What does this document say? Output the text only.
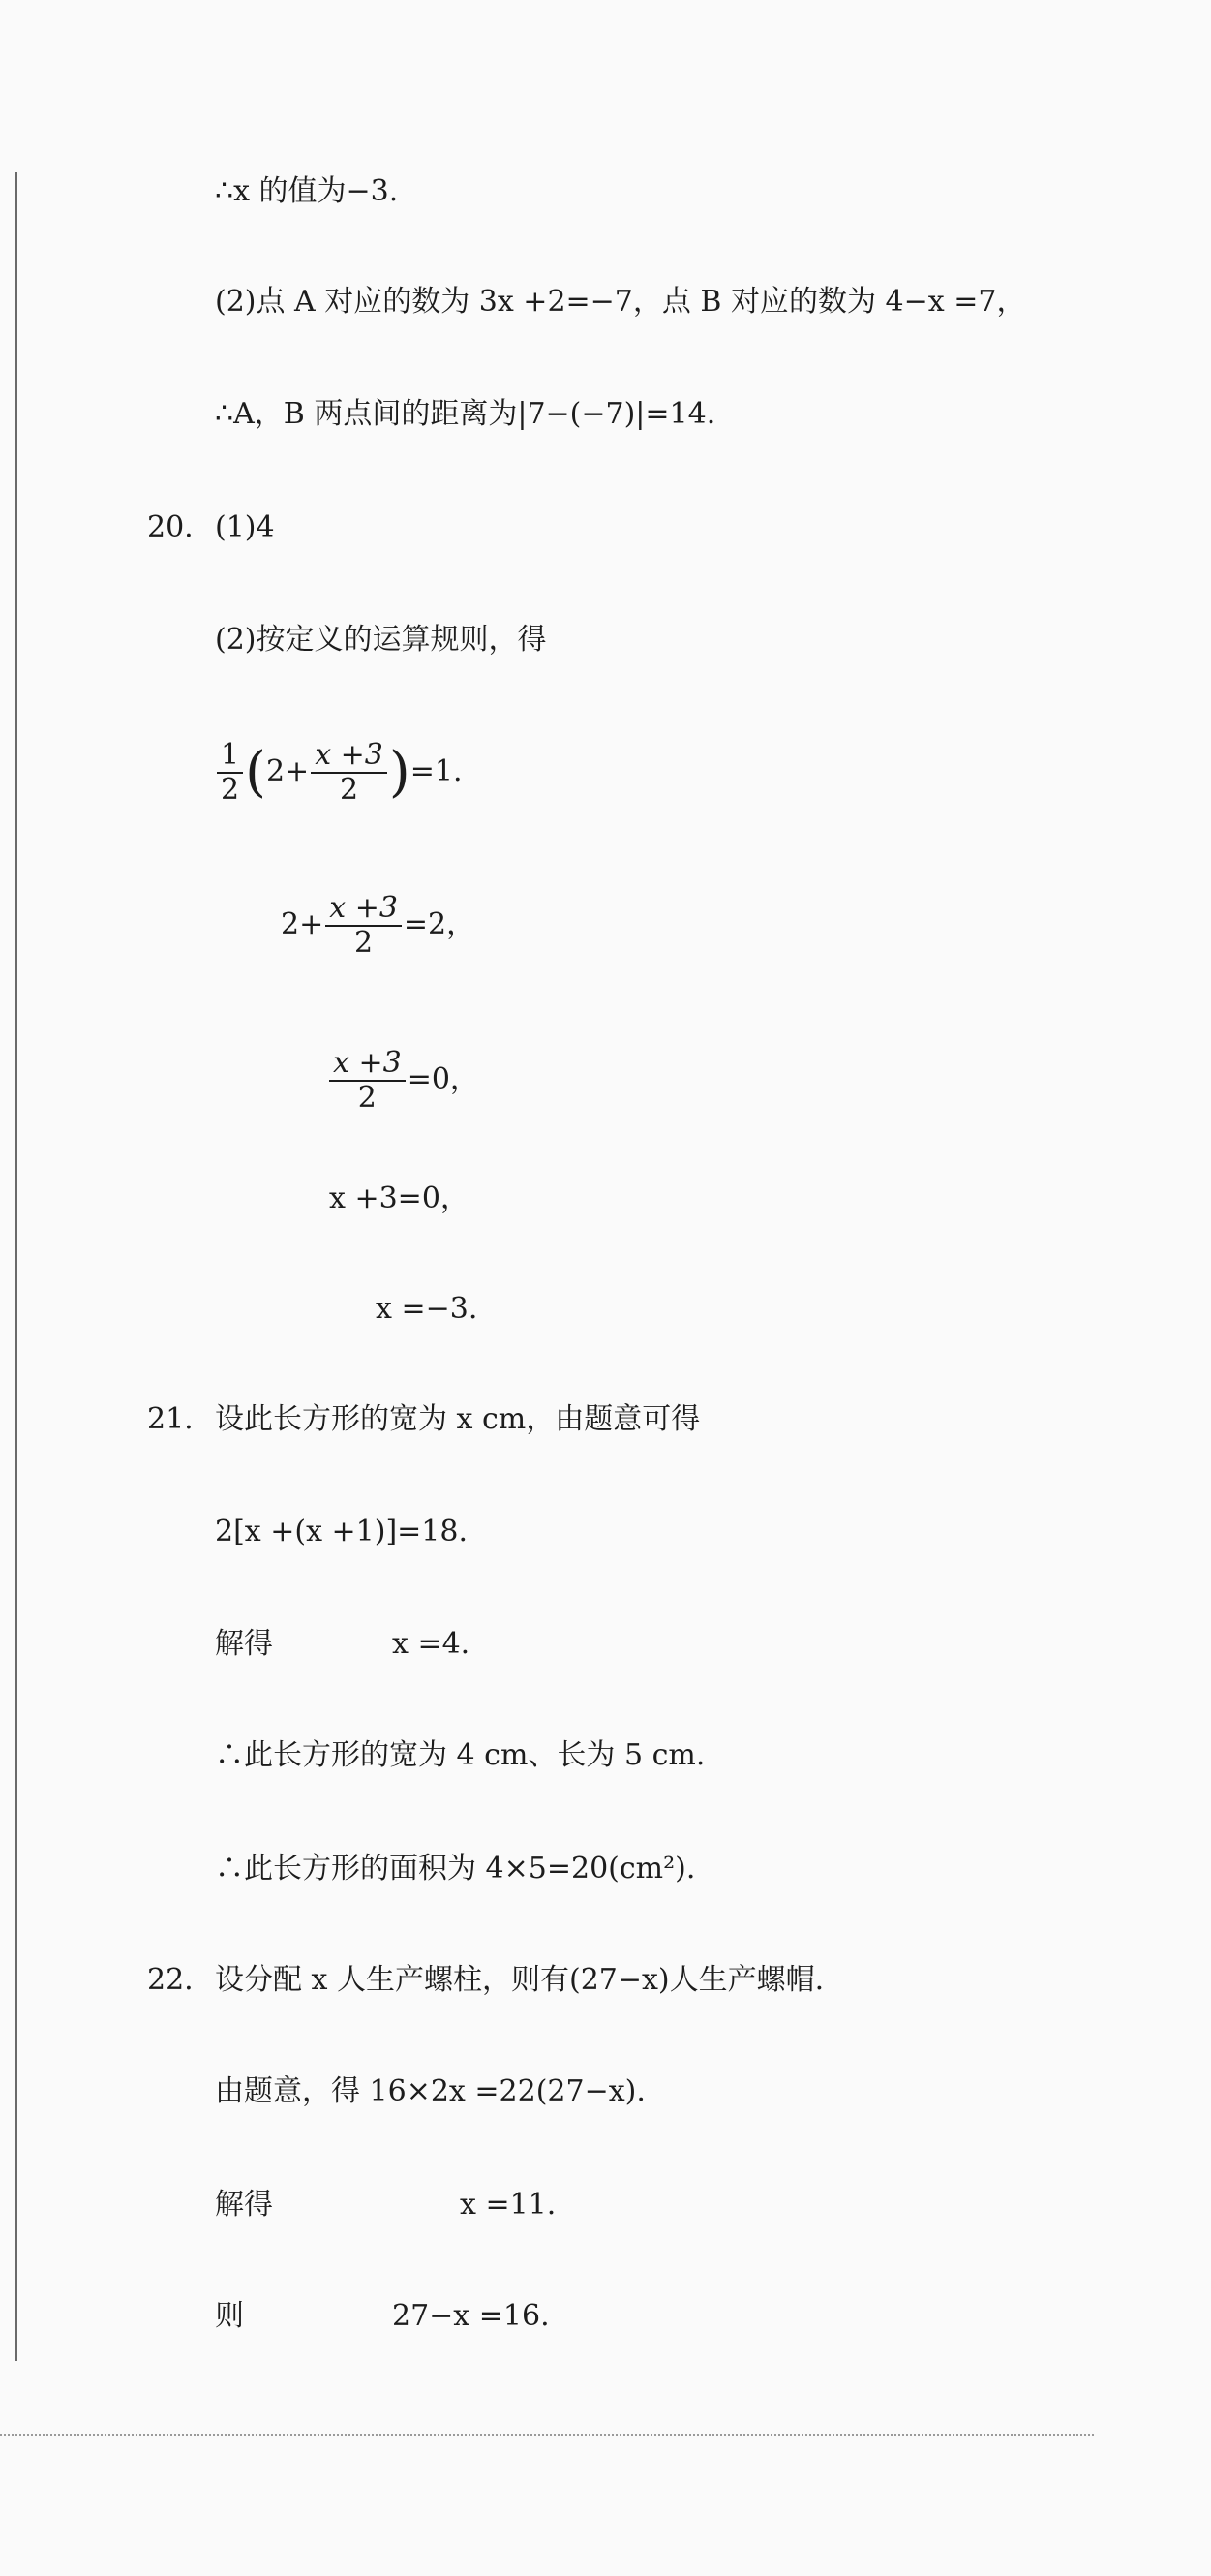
∴x 的值为−3.
(2)点 A 对应的数为 3x +2=−7，点 B 对应的数为 4−x =7，
∴A，B 两点间的距离为|7−(−7)|=14.
20. (1)4
(2)按定义的运算规则，得
$\frac{1}{2} (2+ \frac{x +3}{2} )=1$.
$2+ \frac{x +3}{2} =2$，
$\frac{x +3}{2} =0$，
x +3=0，
x =−3.
21. 设此长方形的宽为 x cm，由题意可得
2[x +(x +1)]=18.
解得	x =4.
∴此长方形的宽为 4 cm、长为 5 cm.
∴此长方形的面积为 4×5=20(cm²).
22. 设分配 x 人生产螺柱，则有(27−x)人生产螺帽.
由题意，得 16×2x =22(27−x).
解得	x =11.
则	27−x =16.
